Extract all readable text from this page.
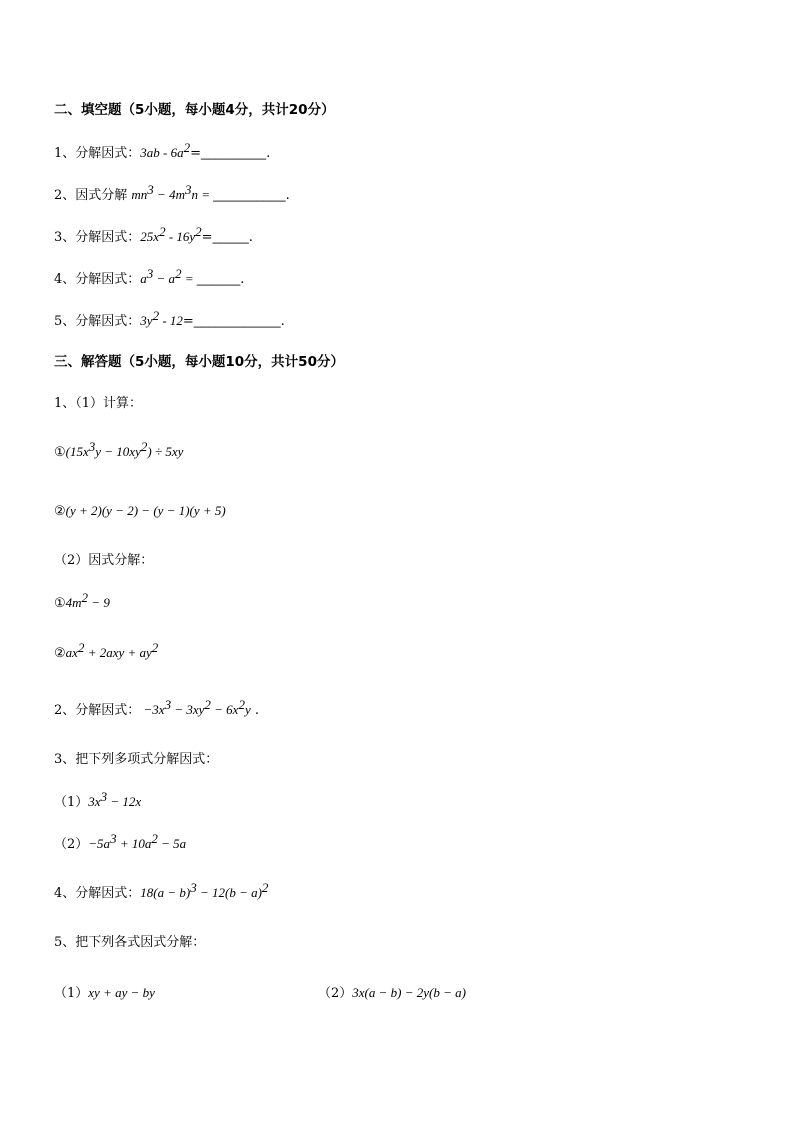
二、填空题（5小题，每小题4分，共计20分）
1、分解因式：$3ab - 6a^2=\_\_\_\_\_\_\_\_\_$.
2、因式分解 $mn^3 - 4m^3n$ = __________.
3、分解因式：$25x^2$ - $16y^2=\_\_\_\_\_$.
4、分解因式：$a^3 - a^2$ = ______.
5、分解因式：$3y^2$ - 12=____________.
三、解答题（5小题，每小题10分，共计50分）
1、（1）计算：
$①(15x^3y - 10xy^2) \div 5xy$
②(y + 2)(y − 2) − (y − 1)(y + 5)
（2）因式分解：
$①4m^2 - 9$
$②ax^2 + 2axy + ay^2$
2、分解因式： $-3x^3 - 3xy^2 - 6x^2y$ .
3、把下列多项式分解因式：
$(1)3x^3 - 12x$
$(2)-5a^3 + 10a^2 - 5a$
4、分解因式：$18(a - b)^3 - 12(b - a)^2$
5、把下列各式因式分解：
（1）xy + ay − by	（2）3x(a − b) − 2y(b − a)
